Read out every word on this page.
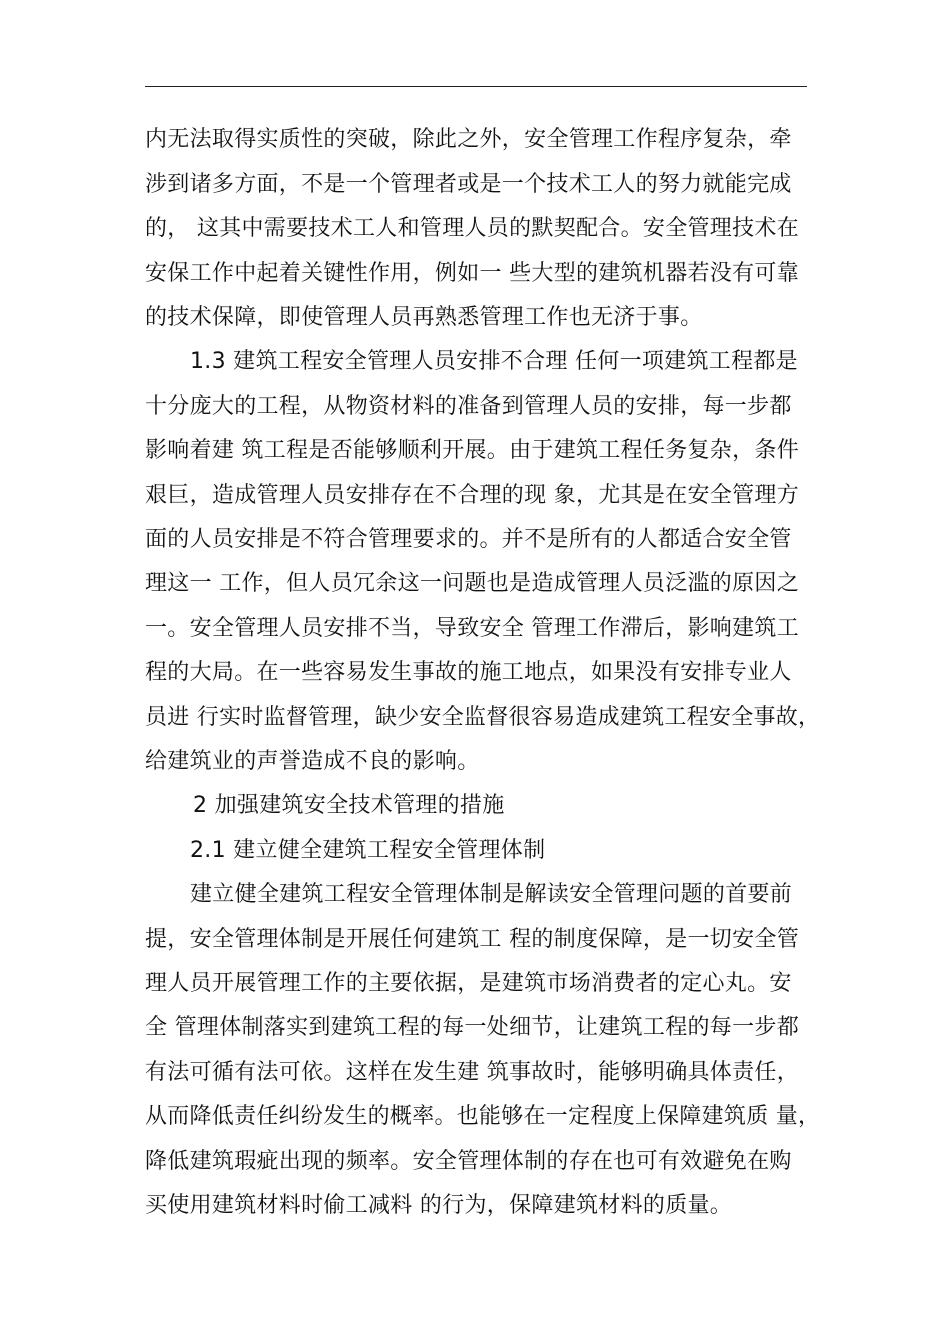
内无法取得实质性的突破，除此之外，安全管理工作程序复杂，牵
涉到诸多方面，不是一个管理者或是一个技术工人的努力就能完成
的， 这其中需要技术工人和管理人员的默契配合。安全管理技术在
安保工作中起着关键性作用，例如一 些大型的建筑机器若没有可靠
的技术保障，即使管理人员再熟悉管理工作也无济于事。
1.3 建筑工程安全管理人员安排不合理 任何一项建筑工程都是
十分庞大的工程，从物资材料的准备到管理人员的安排，每一步都
影响着建 筑工程是否能够顺利开展。由于建筑工程任务复杂，条件
艰巨，造成管理人员安排存在不合理的现 象，尤其是在安全管理方
面的人员安排是不符合管理要求的。并不是所有的人都适合安全管
理这一 工作，但人员冗余这一问题也是造成管理人员泛滥的原因之
一。安全管理人员安排不当，导致安全 管理工作滞后，影响建筑工
程的大局。在一些容易发生事故的施工地点，如果没有安排专业人
员进 行实时监督管理，缺少安全监督很容易造成建筑工程安全事故，
给建筑业的声誉造成不良的影响。
2 加强建筑安全技术管理的措施
2.1 建立健全建筑工程安全管理体制
建立健全建筑工程安全管理体制是解读安全管理问题的首要前
提，安全管理体制是开展任何建筑工 程的制度保障，是一切安全管
理人员开展管理工作的主要依据，是建筑市场消费者的定心丸。安
全 管理体制落实到建筑工程的每一处细节，让建筑工程的每一步都
有法可循有法可依。这样在发生建 筑事故时，能够明确具体责任，
从而降低责任纠纷发生的概率。也能够在一定程度上保障建筑质 量，
降低建筑瑕疵出现的频率。安全管理体制的存在也可有效避免在购
买使用建筑材料时偷工减料 的行为，保障建筑材料的质量。
